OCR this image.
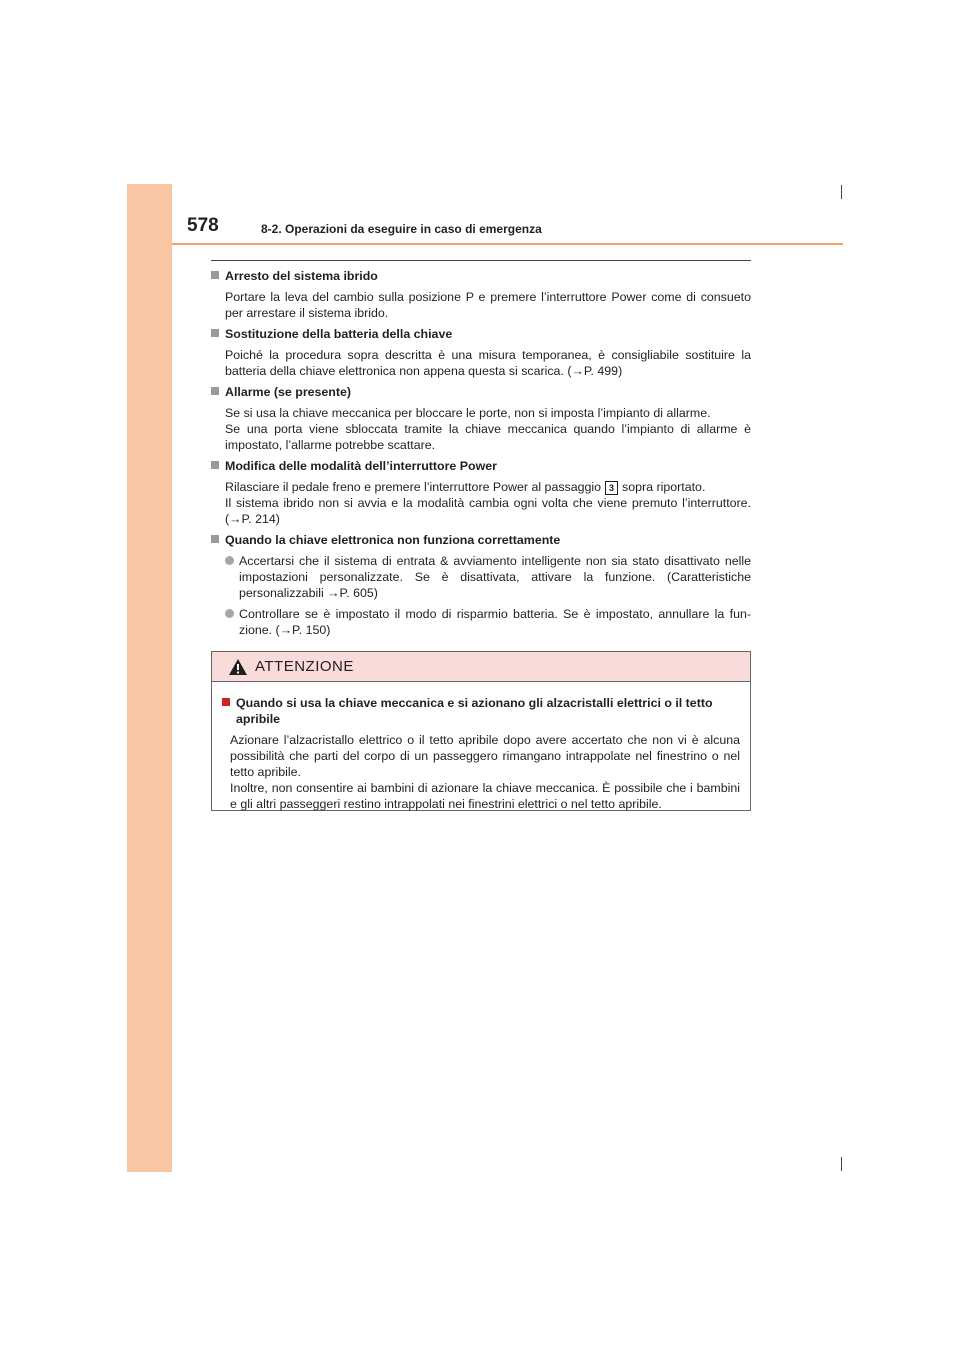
578	8-2. Operazioni da eseguire in caso di emergenza
Arresto del sistema ibrido
Portare la leva del cambio sulla posizione P e premere l’interruttore Power come di consueto per arrestare il sistema ibrido.
Sostituzione della batteria della chiave
Poiché la procedura sopra descritta è una misura temporanea, è consigliabile sostituire la batteria della chiave elettronica non appena questa si scarica. (→P. 499)
Allarme (se presente)
Se si usa la chiave meccanica per bloccare le porte, non si imposta l’impianto di allarme.
Se una porta viene sbloccata tramite la chiave meccanica quando l’impianto di allarme è impostato, l’allarme potrebbe scattare.
Modifica delle modalità dell’interruttore Power
Rilasciare il pedale freno e premere l’interruttore Power al passaggio 3 sopra riportato.
Il sistema ibrido non si avvia e la modalità cambia ogni volta che viene premuto l’interruttore. (→P. 214)
Quando la chiave elettronica non funziona correttamente
Accertarsi che il sistema di entrata & avviamento intelligente non sia stato disattivato nelle impostazioni personalizzate. Se è disattivata, attivare la funzione. (Caratteristiche personalizzabili →P. 605)
Controllare se è impostato il modo di risparmio batteria. Se è impostato, annullare la fun-zione. (→P. 150)
ATTENZIONE
Quando si usa la chiave meccanica e si azionano gli alzacristalli elettrici o il tetto apribile
Azionare l’alzacristallo elettrico o il tetto apribile dopo avere accertato che non vi è alcuna possibilità che parti del corpo di un passeggero rimangano intrappolate nel finestrino o nel tetto apribile.
Inoltre, non consentire ai bambini di azionare la chiave meccanica. È possibile che i bambini e gli altri passeggeri restino intrappolati nei finestrini elettrici o nel tetto apribile.
